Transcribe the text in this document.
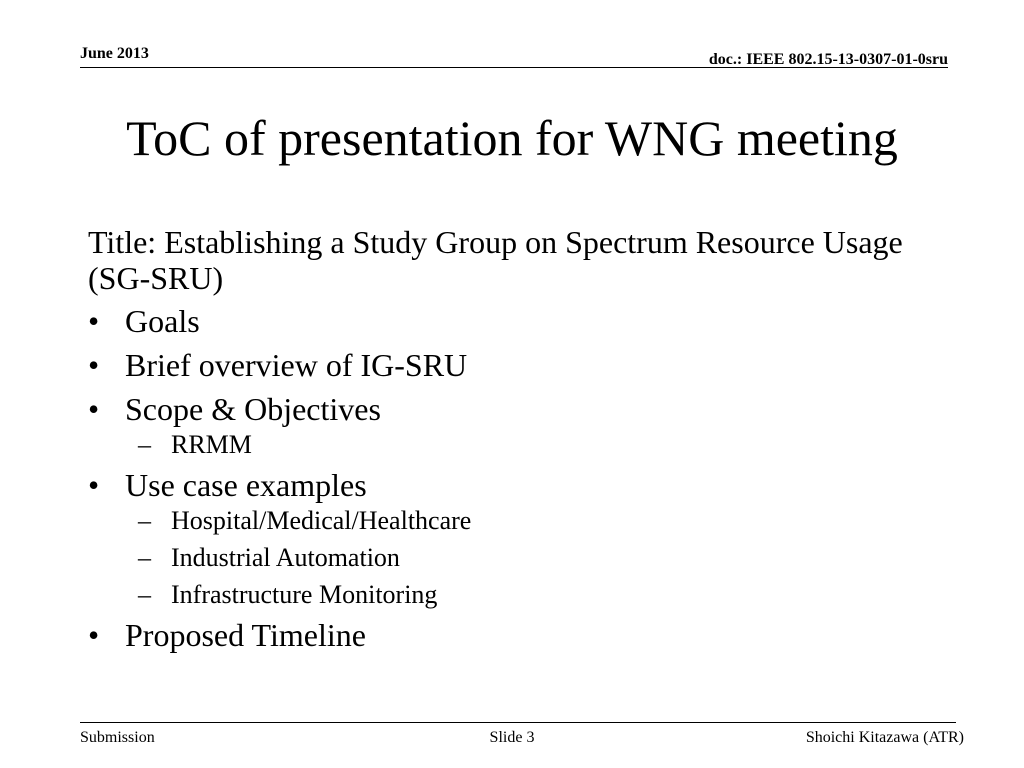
June 2013	doc.: IEEE 802.15-13-0307-01-0sru
ToC of presentation for WNG meeting
Title: Establishing a Study Group on Spectrum Resource Usage (SG-SRU)
• Goals
• Brief overview of IG-SRU
• Scope & Objectives
– RRMM
• Use case examples
– Hospital/Medical/Healthcare
– Industrial Automation
– Infrastructure Monitoring
• Proposed Timeline
Submission	Slide 3	Shoichi Kitazawa (ATR)
